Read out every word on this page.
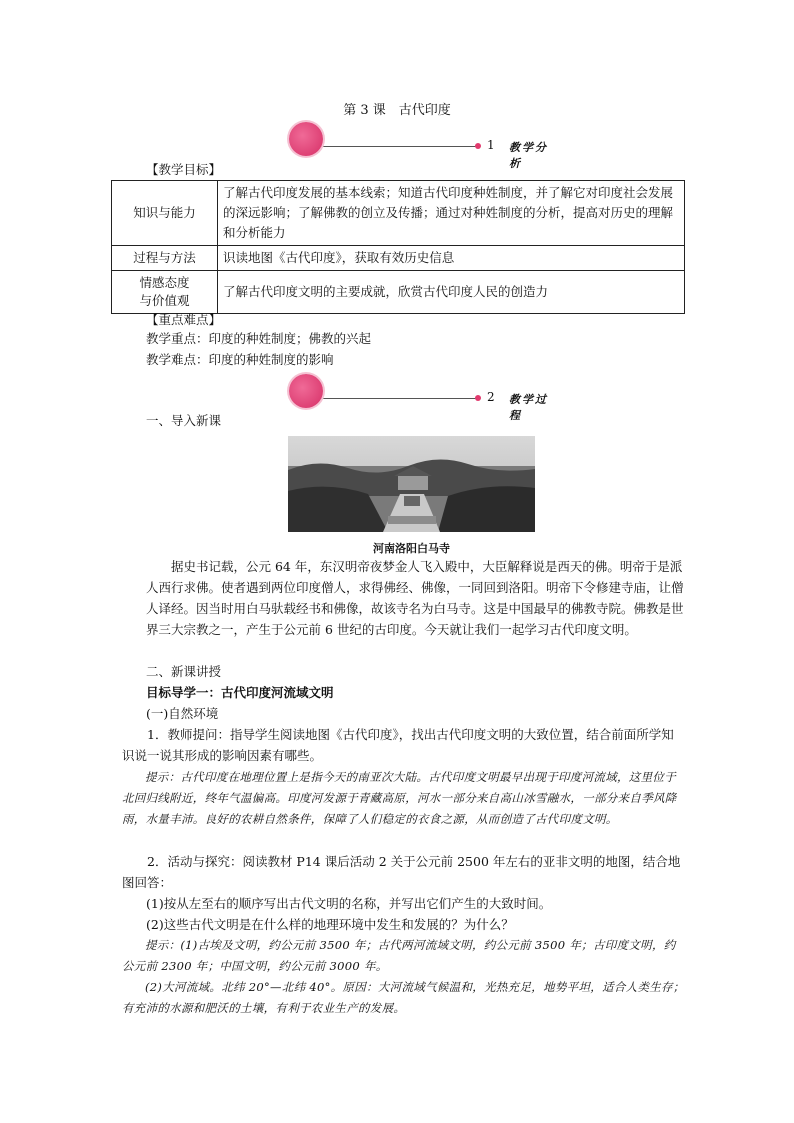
第 3 课　古代印度
1 教学分析
【教学目标】
知识与能力	了解古代印度发展的基本线索；知道古代印度种姓制度，并了解它对印度社会发展的深远影响；了解佛教的创立及传播；通过对种姓制度的分析，提高对历史的理解和分析能力
过程与方法	识读地图《古代印度》，获取有效历史信息

情感态度
与价值观	了解古代印度文明的主要成就，欣赏古代印度人民的创造力
【重点难点】
教学重点：印度的种姓制度；佛教的兴起
教学难点：印度的种姓制度的影响
2 教学过程
一、导入新课
河南洛阳白马寺
据史书记载，公元 64 年，东汉明帝夜梦金人飞入殿中，大臣解释说是西天的佛。明帝于是派人西行求佛。使者遇到两位印度僧人，求得佛经、佛像，一同回到洛阳。明帝下令修建寺庙，让僧人译经。因当时用白马驮载经书和佛像，故该寺名为白马寺。这是中国最早的佛教寺院。佛教是世界三大宗教之一，产生于公元前 6 世纪的古印度。今天就让我们一起学习古代印度文明。
二、新课讲授
目标导学一：古代印度河流域文明
(一)自然环境
1．教师提问：指导学生阅读地图《古代印度》，找出古代印度文明的大致位置，结合前面所学知识说一说其形成的影响因素有哪些。
提示：古代印度在地理位置上是指今天的南亚次大陆。古代印度文明最早出现于印度河流域，这里位于北回归线附近，终年气温偏高。印度河发源于青藏高原，河水一部分来自高山冰雪融水，一部分来自季风降雨，水量丰沛。良好的农耕自然条件，保障了人们稳定的衣食之源，从而创造了古代印度文明。
2．活动与探究：阅读教材 P14 课后活动 2 关于公元前 2500 年左右的亚非文明的地图，结合地图回答：
(1)按从左至右的顺序写出古代文明的名称，并写出它们产生的大致时间。
(2)这些古代文明是在什么样的地理环境中发生和发展的？为什么？
提示：(1)古埃及文明，约公元前 3500 年；古代两河流域文明，约公元前 3500 年；古印度文明，约公元前 2300 年；中国文明，约公元前 3000 年。
(2)大河流域。北纬 20°—北纬 40°。原因：大河流域气候温和，光热充足，地势平坦，适合人类生存；有充沛的水源和肥沃的土壤，有利于农业生产的发展。
